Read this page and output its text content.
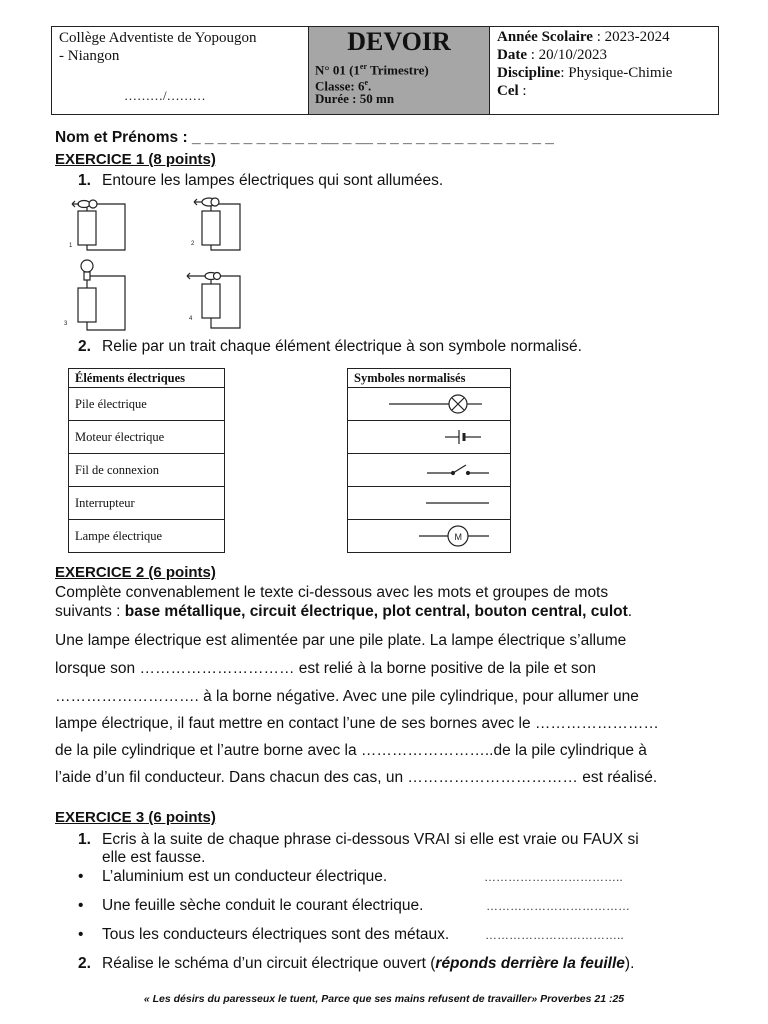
Collège Adventiste de Yopougon
- Niangon
………/………
DEVOIR
N° 01 (1er Trimestre)
Classe: 6e.
Durée : 50 mn
Année Scolaire : 2023-2024
Date : 20/10/2023
Discipline: Physique-Chimie
Cel :
Nom et Prénoms : _ _ _ _ _ _ _ _ _ _ __ _ __ _ _ _ _ _ _ _ _ _ _ _ _ _ _
EXERCICE 1 (8 points)
1. Entoure les lampes électriques qui sont allumées.
1	2
3
4
2. Relie par un trait chaque élément électrique à son symbole normalisé.
Éléments électriques
Pile électrique
Moteur électrique
Fil de connexion
Interrupteur
Lampe électrique
Symboles normalisés

M
EXERCICE 2 (6 points)
Complète convenablement le texte ci-dessous avec les mots et groupes de mots
suivants : base métallique, circuit électrique, plot central, bouton central, culot.
Une lampe électrique est alimentée par une pile plate. La lampe électrique s’allume
lorsque son ………………………… est relié à la borne positive de la pile et son
………………………. à la borne négative. Avec une pile cylindrique, pour allumer une
lampe électrique, il faut mettre en contact l’une de ses bornes avec le ……………………
de la pile cylindrique et l’autre borne avec la ……………………..de la pile cylindrique à
l’aide d’un fil conducteur. Dans chacun des cas, un …………………………… est réalisé.
EXERCICE 3 (6 points)
1. Ecris à la suite de chaque phrase ci-dessous VRAI si elle est vraie ou FAUX si
elle est fausse.
• L’aluminium est un conducteur électrique.	……………………………..
• Une feuille sèche conduit le courant électrique.	………………………………
• Tous les conducteurs électriques sont des métaux.	……………………………..
2. Réalise le schéma d’un circuit électrique ouvert (réponds derrière la feuille).
« Les désirs du paresseux le tuent, Parce que ses mains refusent de travailler» Proverbes 21 :25
